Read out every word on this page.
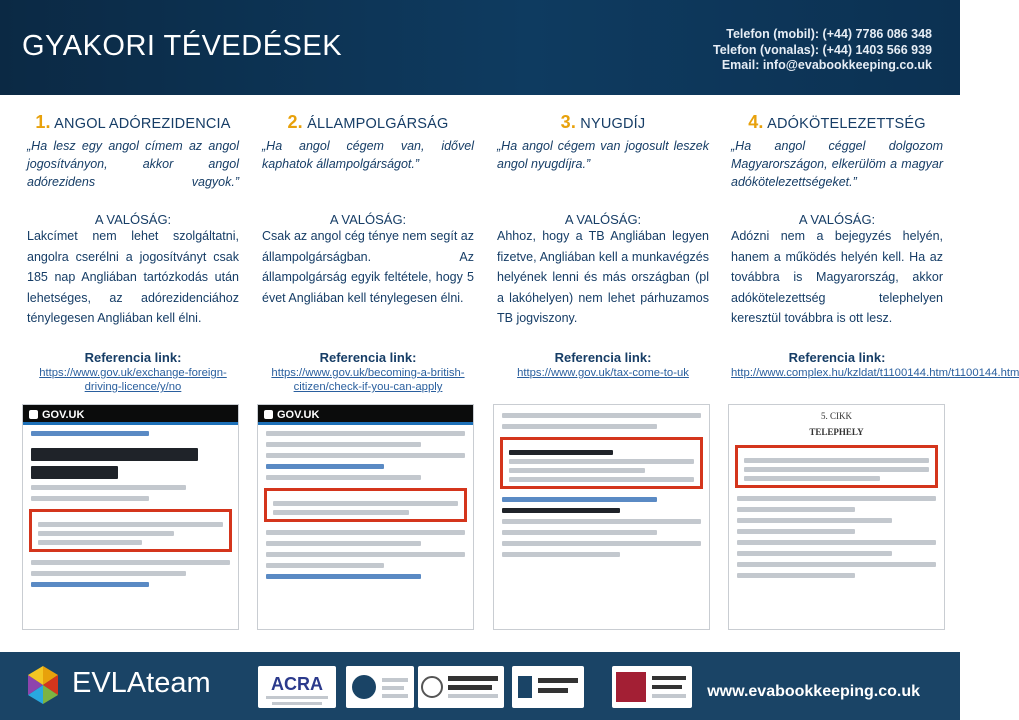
GYAKORI TÉVEDÉSEK	Telefon (mobil): (+44) 7786 086 348
Telefon (vonalas): (+44) 1403 566 939
Email: info@evabookkeeping.co.uk
1. ANGOL ADÓREZIDENCIA
„Ha lesz egy angol címem az angol jogosítványon, akkor angol adórezidens vagyok.”
A VALÓSÁG:
Lakcímet nem lehet szolgáltatni, angolra cserélni a jogosítványt csak 185 nap Angliában tartózkodás után lehetséges, az adórezidenciához ténylegesen Angliában kell élni.
Referencia link:
https://www.gov.uk/exchange-foreign-driving-licence/y/no
2. ÁLLAMPOLGÁRSÁG
„Ha angol cégem van, idővel kaphatok állampolgárságot.”
A VALÓSÁG:
Csak az angol cég ténye nem segít az állampolgárságban. Az állampolgárság egyik feltétele, hogy 5 évet Angliában kell ténylegesen élni.
Referencia link:
https://www.gov.uk/becoming-a-british-citizen/check-if-you-can-apply
3. NYUGDÍJ
„Ha angol cégem van jogosult leszek angol nyugdíjra.”
A VALÓSÁG:
Ahhoz, hogy a TB Angliában legyen fizetve, Angliában kell a munkavégzés helyének lenni és más országban (pl a lakóhelyen) nem lehet párhuzamos TB jogviszony.
Referencia link:
https://www.gov.uk/tax-come-to-uk
4. ADÓKÖTELEZETTSÉG
„Ha angol céggel dolgozom Magyarországon, elkerülöm a magyar adókötelezettségeket.”
A VALÓSÁG:
Adózni nem a bejegyzés helyén, hanem a működés helyén kell. Ha az továbbra is Magyarország, akkor adókötelezettség telephelyen keresztül továbbra is ott lesz.
Referencia link:
http://www.complex.hu/kzldat/t1100144.htm/t1100144.htm
GOV.UK	GOV.UK	5. CIKK
TELEPHELY
EVLAteam	ACRA	www.evabookkeeping.co.uk
